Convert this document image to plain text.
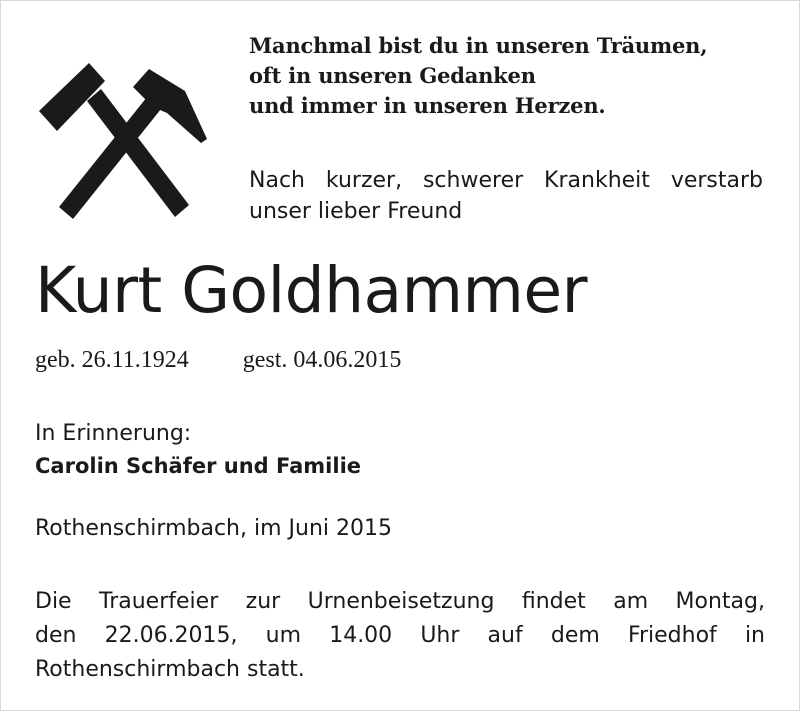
Manchmal bist du in unseren Träumen,
oft in unseren Gedanken
und immer in unseren Herzen.
Nach kurzer, schwerer Krankheit verstarb
unser lieber Freund
Kurt Goldhammer
geb. 26.11.1924 gest. 04.06.2015
In Erinnerung:
Carolin Schäfer und Familie
Rothenschirmbach, im Juni 2015
Die Trauerfeier zur Urnenbeisetzung findet am Montag,
den 22.06.2015, um 14.00 Uhr auf dem Friedhof in
Rothenschirmbach statt.
